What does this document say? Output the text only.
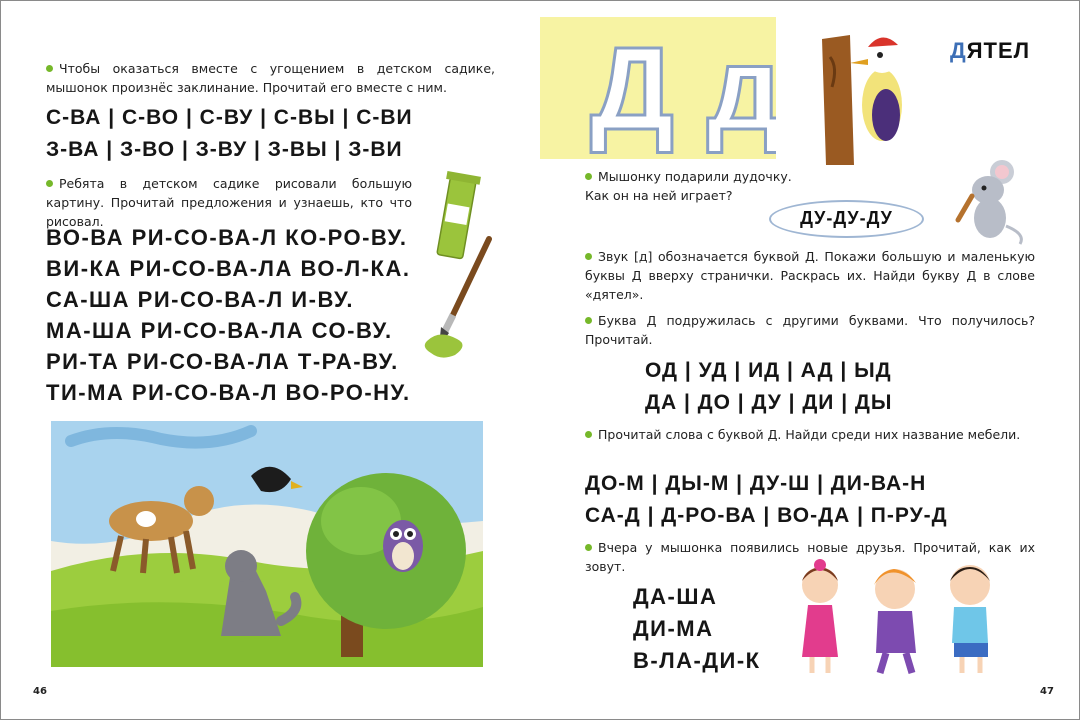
Чтобы оказаться вместе с угощением в детском садике, мышонок произнёс заклинание. Прочитай его вместе с ним.
С-ВА | С-ВО | С-ВУ | С-ВЫ | С-ВИ
З-ВА | З-ВО | З-ВУ | З-ВЫ | З-ВИ
Ребята в детском садике рисовали большую картину. Прочитай предложения и узнаешь, кто что рисовал.
ВО-ВА РИ-СО-ВА-Л КО-РО-ВУ.
ВИ-КА РИ-СО-ВА-ЛА ВО-Л-КА.
СА-ША РИ-СО-ВА-Л И-ВУ.
МА-ША РИ-СО-ВА-ЛА СО-ВУ.
РИ-ТА РИ-СО-ВА-ЛА Т-РА-ВУ.
ТИ-МА РИ-СО-ВА-Л ВО-РО-НУ.
46
Д д	ДЯТЕЛ
Мышонку подарили дудочку. Как он на ней играет?
ДУ-ДУ-ДУ
Звук [д] обозначается буквой Д. Покажи большую и маленькую буквы Д вверху странички. Раскрась их. Найди букву Д в слове «дятел».
Буква Д подружилась с другими буквами. Что получилось? Прочитай.
ОД | УД | ИД | АД | ЫД
ДА | ДО | ДУ | ДИ | ДЫ
Прочитай слова с буквой Д. Найди среди них название мебели.
ДО-М | ДЫ-М | ДУ-Ш | ДИ-ВА-Н
СА-Д | Д-РО-ВА | ВО-ДА | П-РУ-Д
Вчера у мышонка появились новые друзья. Прочитай, как их зовут.
ДА-ША
ДИ-МА
В-ЛА-ДИ-К
47
